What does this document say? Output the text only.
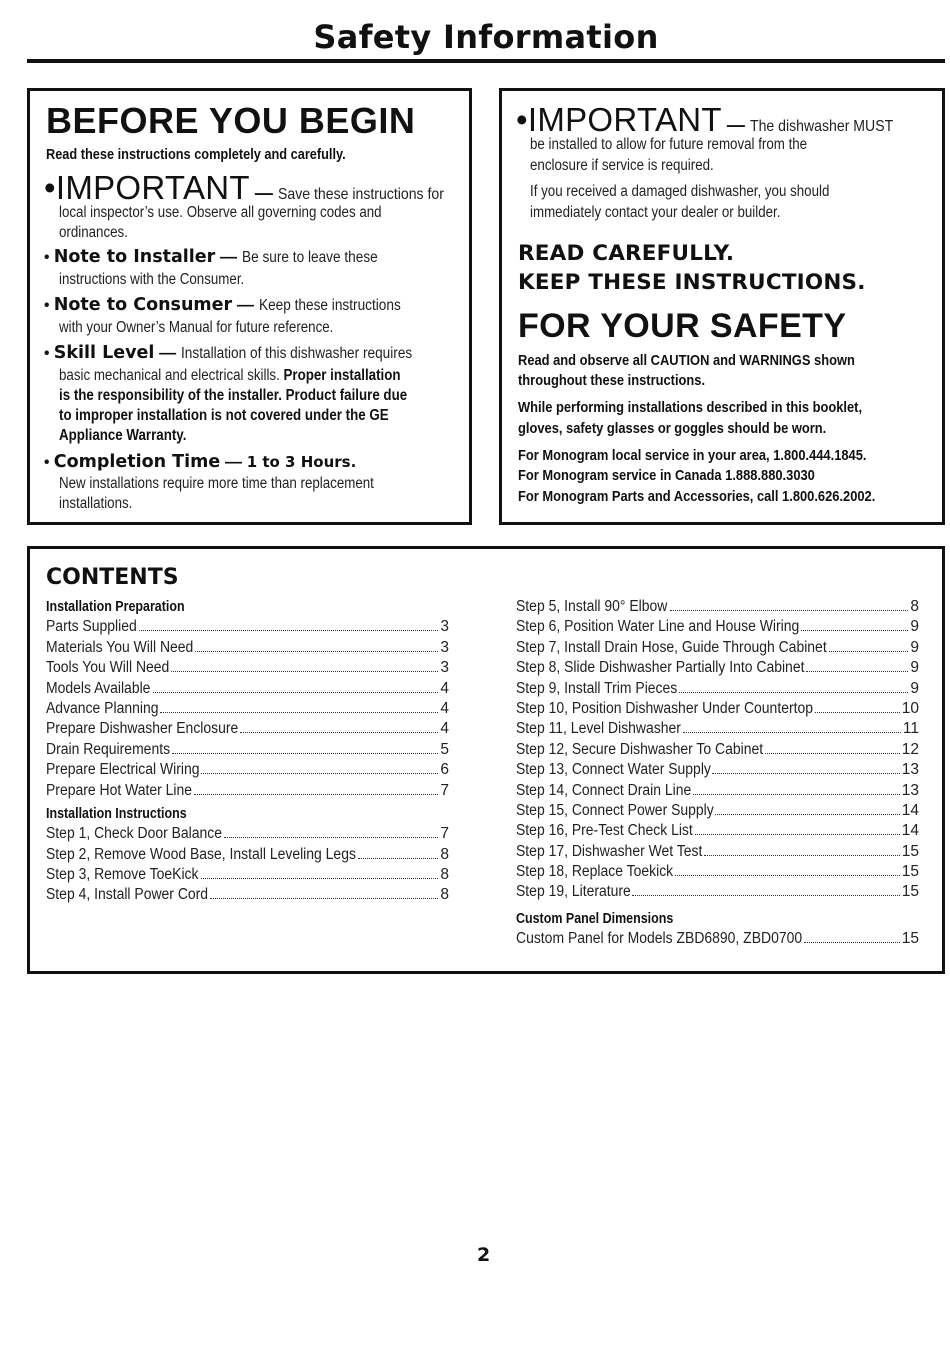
Safety Information
BEFORE YOU BEGIN
Read these instructions completely and carefully.
•IMPORTANT — Save these instructions for
local inspector’s use. Observe all governing codes and
ordinances.
• Note to Installer — Be sure to leave these
instructions with the Consumer.
• Note to Consumer — Keep these instructions
with your Owner’s Manual for future reference.
• Skill Level — Installation of this dishwasher requires
basic mechanical and electrical skills. Proper installation
is the responsibility of the installer. Product failure due
to improper installation is not covered under the GE
Appliance Warranty.
• Completion Time — 1 to 3 Hours.
New installations require more time than replacement
installations.
•IMPORTANT — The dishwasher MUST
be installed to allow for future removal from the
enclosure if service is required.
If you received a damaged dishwasher, you should
immediately contact your dealer or builder.
READ CAREFULLY.
KEEP THESE INSTRUCTIONS.
FOR YOUR SAFETY
Read and observe all CAUTION and WARNINGS shown
throughout these instructions.
While performing installations described in this booklet,
gloves, safety glasses or goggles should be worn.
For Monogram local service in your area, 1.800.444.1845.
For Monogram service in Canada 1.888.880.3030
For Monogram Parts and Accessories, call 1.800.626.2002.
CONTENTS
Installation Preparation
Parts Supplied	3
Materials You Will Need	3
Tools You Will Need	3
Models Available	4
Advance Planning	4
Prepare Dishwasher Enclosure	4
Drain Requirements	5
Prepare Electrical Wiring	6
Prepare Hot Water Line	7
Installation Instructions
Step 1, Check Door Balance	7
Step 2, Remove Wood Base, Install Leveling Legs	8
Step 3, Remove ToeKick	8
Step 4, Install Power Cord	8
Step 5, Install 90° Elbow	8
Step 6, Position Water Line and House Wiring	9
Step 7, Install Drain Hose, Guide Through Cabinet	9
Step 8, Slide Dishwasher Partially Into Cabinet	9
Step 9, Install Trim Pieces	9
Step 10, Position Dishwasher Under Countertop	10
Step 11, Level Dishwasher	11
Step 12, Secure Dishwasher To Cabinet	12
Step 13, Connect Water Supply	13
Step 14, Connect Drain Line	13
Step 15, Connect Power Supply	14
Step 16, Pre-Test Check List	14
Step 17, Dishwasher Wet Test	15
Step 18, Replace Toekick	15
Step 19, Literature	15
Custom Panel Dimensions
Custom Panel for Models ZBD6890, ZBD0700	15
2
